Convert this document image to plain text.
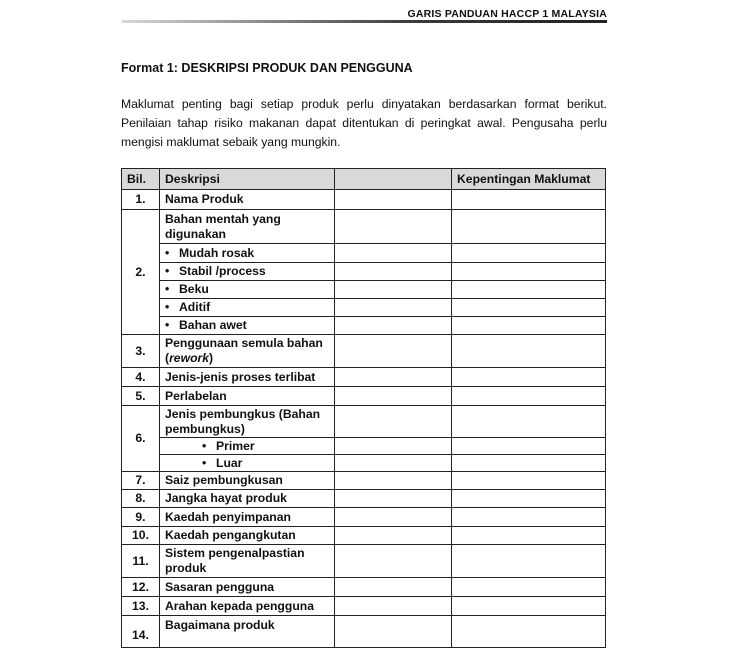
GARIS PANDUAN HACCP 1 MALAYSIA
Format 1: DESKRIPSI PRODUK DAN PENGGUNA

Maklumat penting bagi setiap produk perlu dinyatakan berdasarkan format berikut. Penilaian tahap risiko makanan dapat ditentukan di peringkat awal. Pengusaha perlu mengisi maklumat sebaik yang mungkin.

Bil.	Deskripsi		Kepentingan Maklumat
1.	Nama Produk		
2.	Bahan mentah yang digunakan		
	• Mudah rosak		
	• Stabil /process		
	• Beku		
	• Aditif		
	• Bahan awet		
3.	Penggunaan semula bahan (rework)		
4.	Jenis-jenis proses terlibat		
5.	Perlabelan		
6.	Jenis pembungkus (Bahan pembungkus)		
	• Primer		
	• Luar		
7.	Saiz pembungkusan		
8.	Jangka hayat produk		
9.	Kaedah penyimpanan		
10.	Kaedah pengangkutan		
11.	Sistem pengenalpastian produk		
12.	Sasaran pengguna		
13.	Arahan kepada pengguna		
14.	Bagaimana produk		
